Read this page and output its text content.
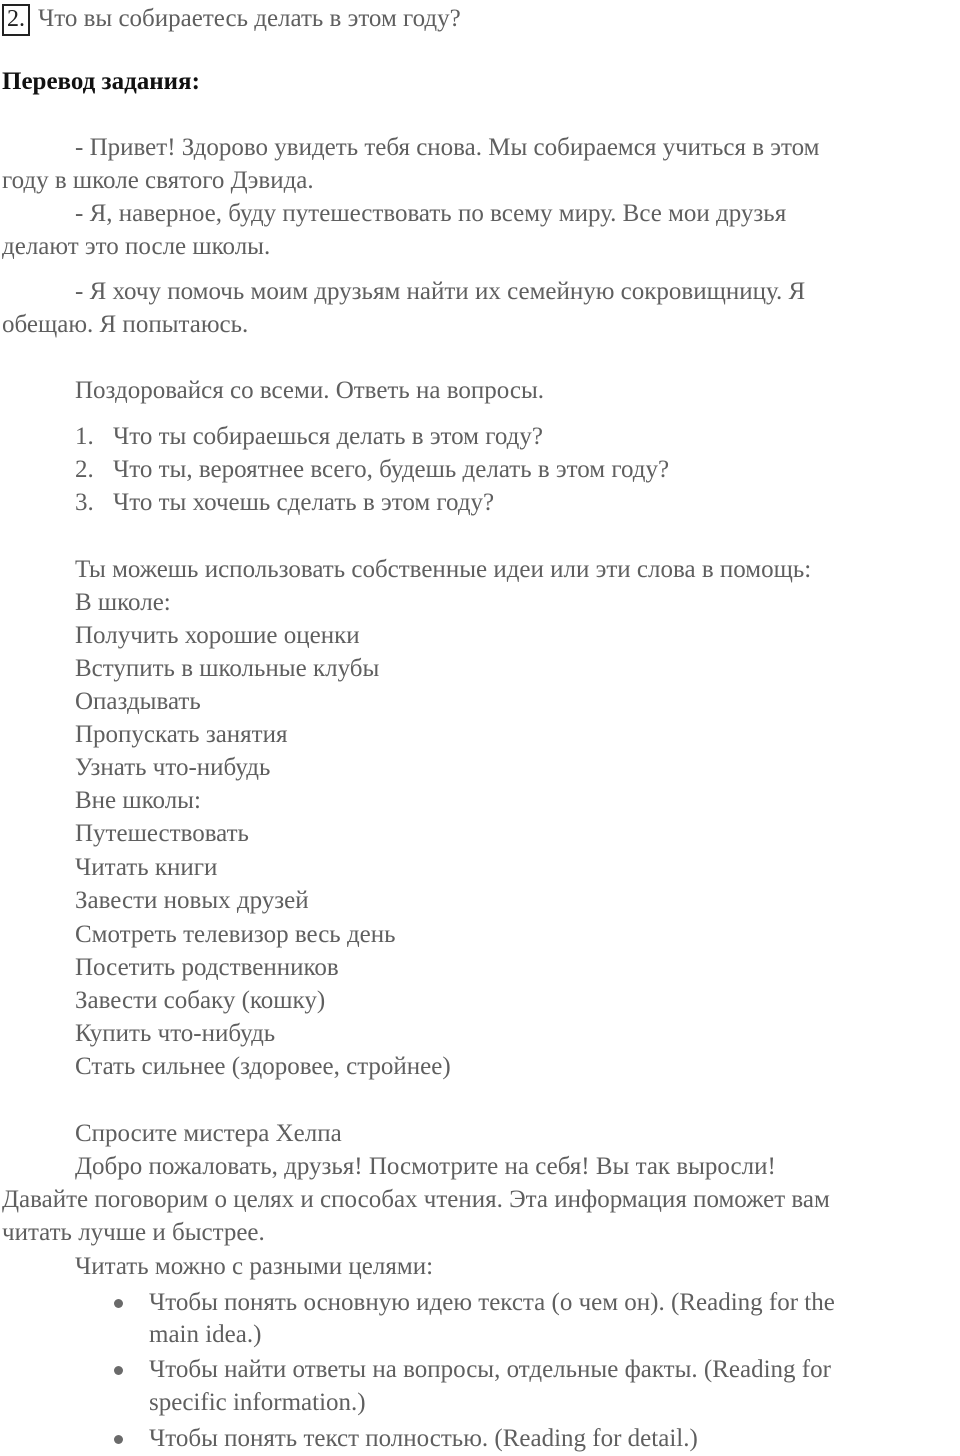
2. Что вы собираетесь делать в этом году?
Перевод задания:
- Привет! Здорово увидеть тебя снова. Мы собираемся учиться в этом
году в школе святого Дэвида.
- Я, наверное, буду путешествовать по всему миру. Все мои друзья
делают это после школы.
- Я хочу помочь моим друзьям найти их семейную сокровищницу. Я
обещаю. Я попытаюсь.
Поздоровайся со всеми. Ответь на вопросы.
1. Что ты собираешься делать в этом году?
2. Что ты, вероятнее всего, будешь делать в этом году?
3. Что ты хочешь сделать в этом году?
Ты можешь использовать собственные идеи или эти слова в помощь:
В школе:
Получить хорошие оценки
Вступить в школьные клубы
Опаздывать
Пропускать занятия
Узнать что-нибудь
Вне школы:
Путешествовать
Читать книги
Завести новых друзей
Смотреть телевизор весь день
Посетить родственников
Завести собаку (кошку)
Купить что-нибудь
Стать сильнее (здоровее, стройнее)
Спросите мистера Хелпа
Добро пожаловать, друзья! Посмотрите на себя! Вы так выросли!
Давайте поговорим о целях и способах чтения. Эта информация поможет вам
читать лучше и быстрее.
Читать можно с разными целями:
Чтобы понять основную идею текста (о чем он). (Reading for the
main idea.)
Чтобы найти ответы на вопросы, отдельные факты. (Reading for
specific information.)
Чтобы понять текст полностью. (Reading for detail.)
